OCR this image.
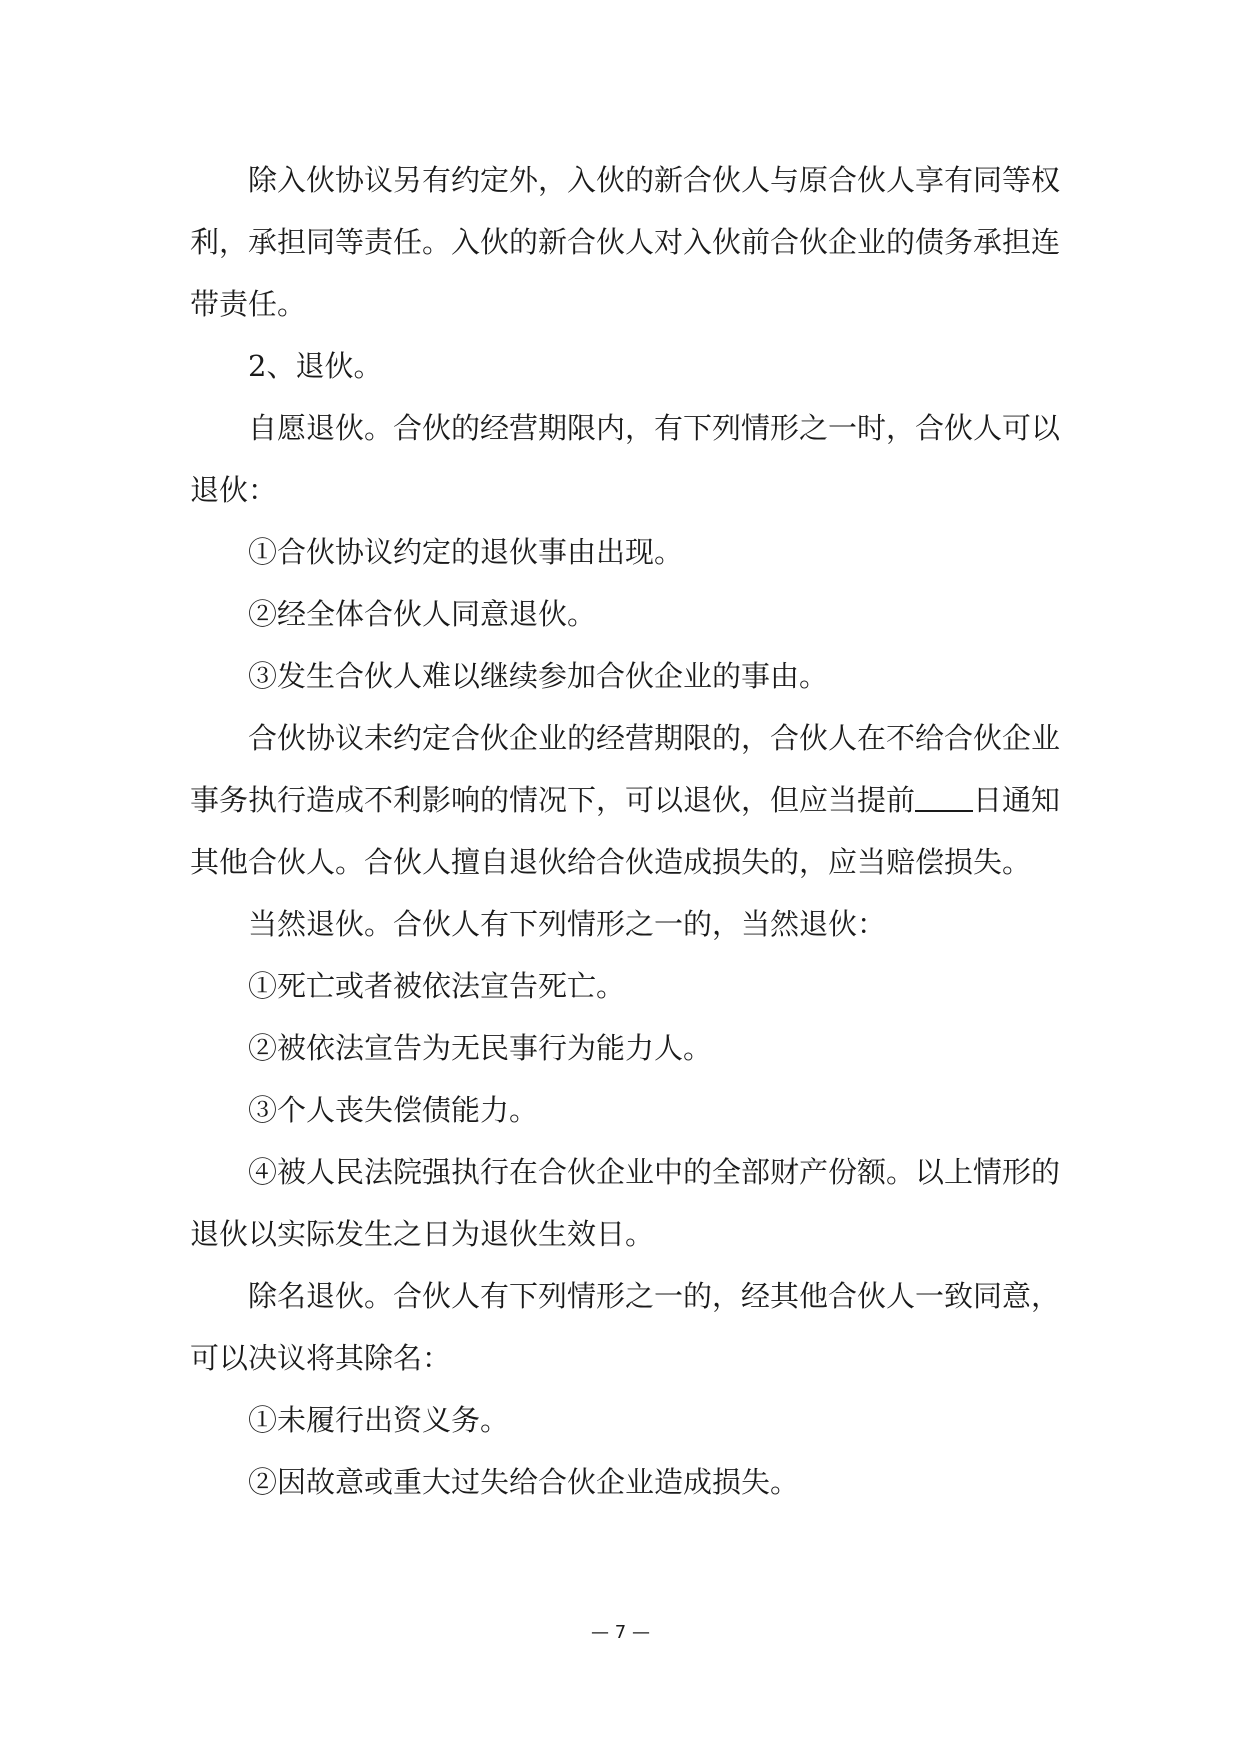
除入伙协议另有约定外，入伙的新合伙人与原合伙人享有同等权
利，承担同等责任。入伙的新合伙人对入伙前合伙企业的债务承担连
带责任。
2、退伙。
自愿退伙。合伙的经营期限内，有下列情形之一时，合伙人可以
退伙：
①合伙协议约定的退伙事由出现。
②经全体合伙人同意退伙。
③发生合伙人难以继续参加合伙企业的事由。
合伙协议未约定合伙企业的经营期限的，合伙人在不给合伙企业
事务执行造成不利影响的情况下，可以退伙，但应当提前 日通知
其他合伙人。合伙人擅自退伙给合伙造成损失的，应当赔偿损失。
当然退伙。合伙人有下列情形之一的，当然退伙：
①死亡或者被依法宣告死亡。
②被依法宣告为无民事行为能力人。
③个人丧失偿债能力。
④被人民法院强执行在合伙企业中的全部财产份额。以上情形的
退伙以实际发生之日为退伙生效日。
除名退伙。合伙人有下列情形之一的，经其他合伙人一致同意，
可以决议将其除名：
①未履行出资义务。
②因故意或重大过失给合伙企业造成损失。
— 7 —
